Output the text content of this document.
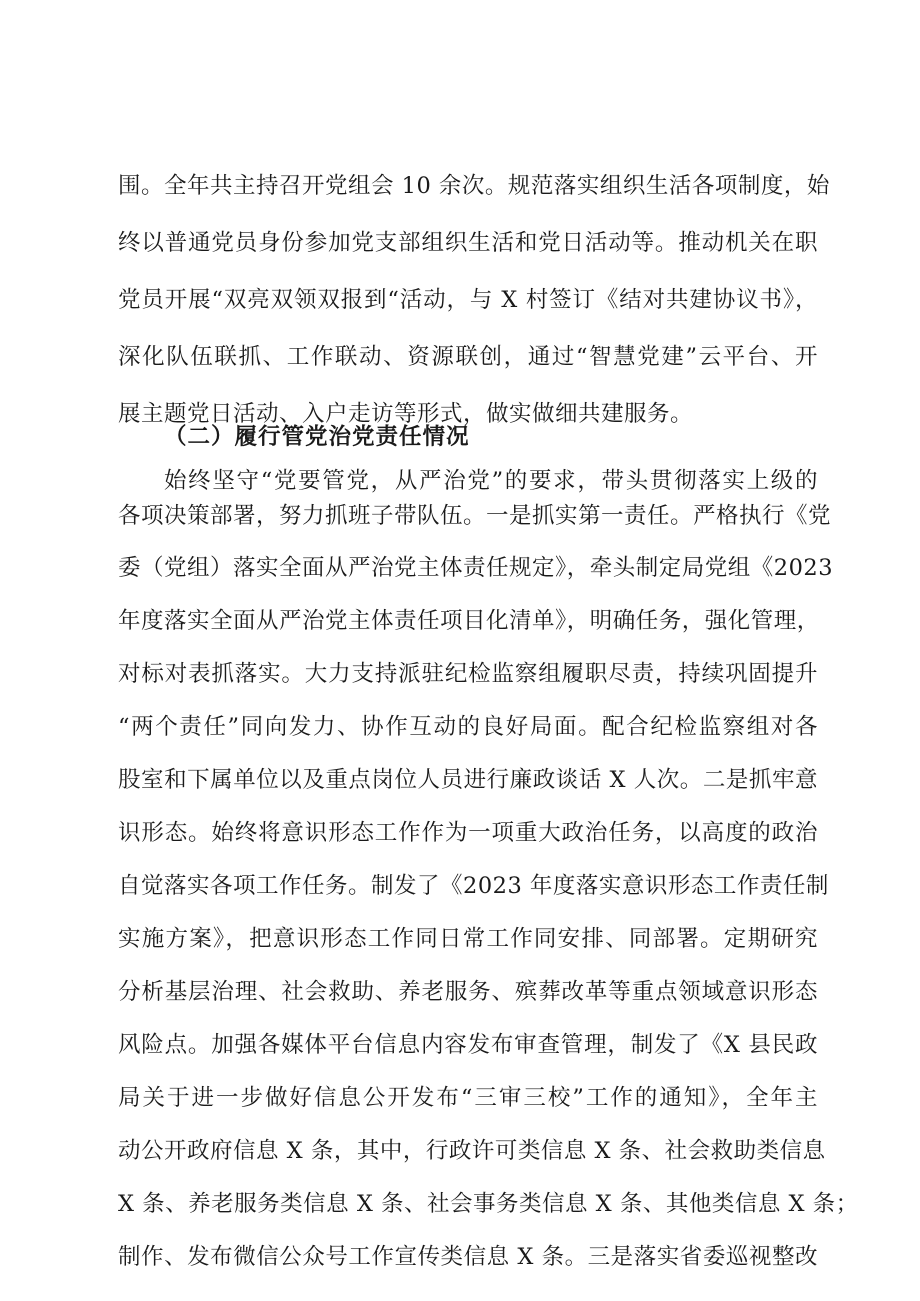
围。全年共主持召开党组会 10 余次。规范落实组织生活各项制度，始
终以普通党员身份参加党支部组织生活和党日活动等。推动机关在职
党员开展“双亮双领双报到“活动，与 X 村签订《结对共建协议书》，
深化队伍联抓、工作联动、资源联创，通过“智慧党建”云平台、开
展主题党日活动、入户走访等形式，做实做细共建服务。
（二）履行管党治党责任情况
始终坚守“党要管党，从严治党”的要求，带头贯彻落实上级的
各项决策部署，努力抓班子带队伍。一是抓实第一责任。严格执行《党
委（党组）落实全面从严治党主体责任规定》，牵头制定局党组《2023
年度落实全面从严治党主体责任项目化清单》，明确任务，强化管理，
对标对表抓落实。大力支持派驻纪检监察组履职尽责，持续巩固提升
“两个责任”同向发力、协作互动的良好局面。配合纪检监察组对各
股室和下属单位以及重点岗位人员进行廉政谈话 X 人次。二是抓牢意
识形态。始终将意识形态工作作为一项重大政治任务，以高度的政治
自觉落实各项工作任务。制发了《2023 年度落实意识形态工作责任制
实施方案》，把意识形态工作同日常工作同安排、同部署。定期研究
分析基层治理、社会救助、养老服务、殡葬改革等重点领域意识形态
风险点。加强各媒体平台信息内容发布审查管理，制发了《X 县民政
局关于进一步做好信息公开发布“三审三校”工作的通知》，全年主
动公开政府信息 X 条，其中，行政许可类信息 X 条、社会救助类信息
X 条、养老服务类信息 X 条、社会事务类信息 X 条、其他类信息 X 条；
制作、发布微信公众号工作宣传类信息 X 条。三是落实省委巡视整改
